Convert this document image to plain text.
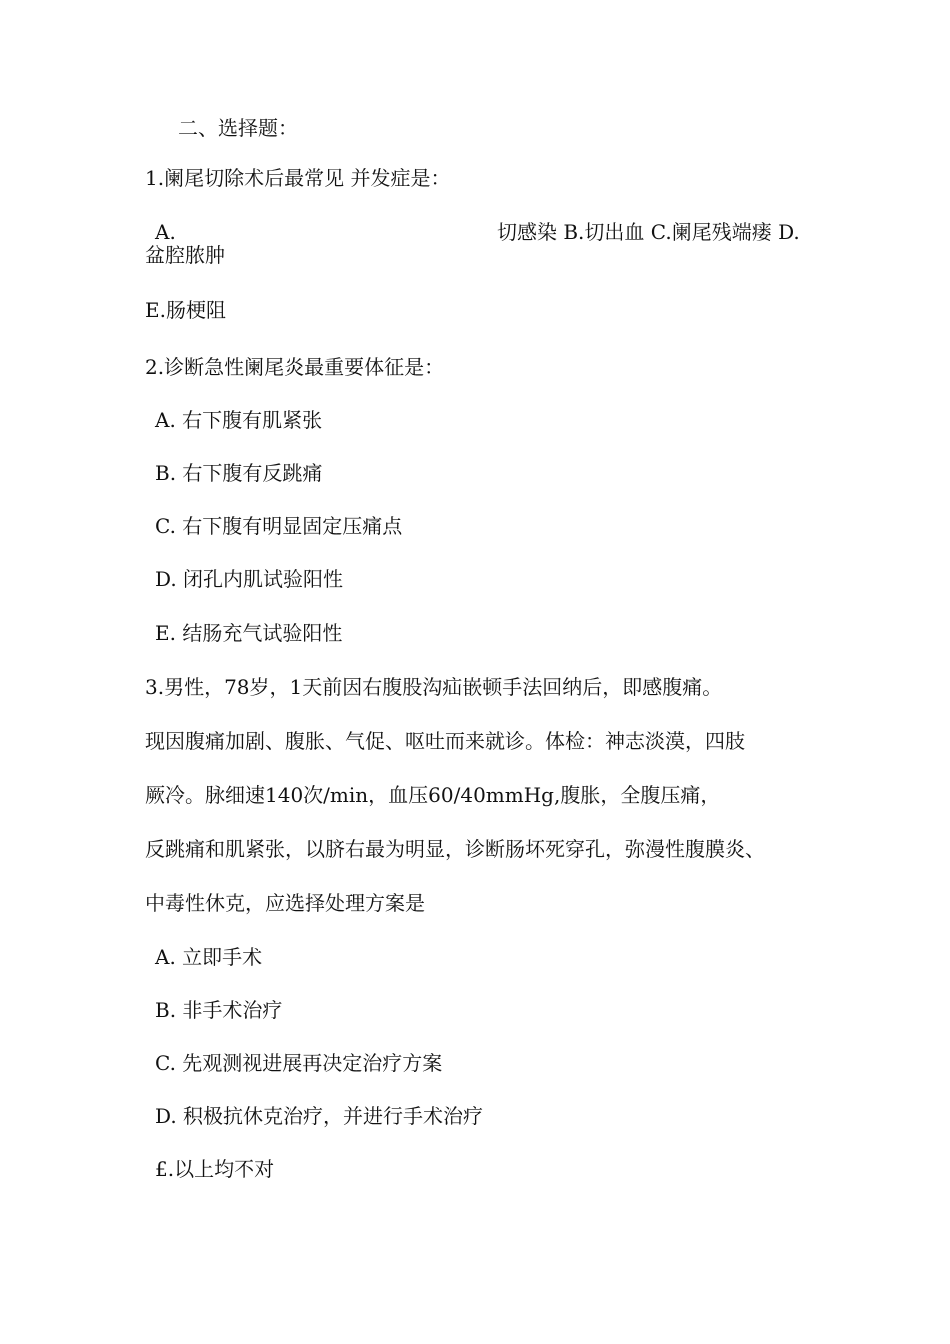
二、选择题：
1.阑尾切除术后最常见 并发症是：
A.	切感染 B.切出血 C.阑尾残端瘘 D.
盆腔脓肿
E.肠梗阻
2.诊断急性阑尾炎最重要体征是：
A. 右下腹有肌紧张
B. 右下腹有反跳痛
C. 右下腹有明显固定压痛点
D. 闭孔内肌试验阳性
E. 结肠充气试验阳性
3.男性，78岁，1天前因右腹股沟疝嵌顿手法回纳后，即感腹痛。
现因腹痛加剧、腹胀、气促、呕吐而来就诊。体检：神志淡漠，四肢
厥冷。脉细速140次/min，血压60/40mmHg,腹胀，全腹压痛，
反跳痛和肌紧张，以脐右最为明显，诊断肠坏死穿孔，弥漫性腹膜炎、
中毒性休克，应选择处理方案是
A. 立即手术
B. 非手术治疗
C. 先观测视进展再决定治疗方案
D. 积极抗休克治疗，并进行手术治疗
£.以上均不对
